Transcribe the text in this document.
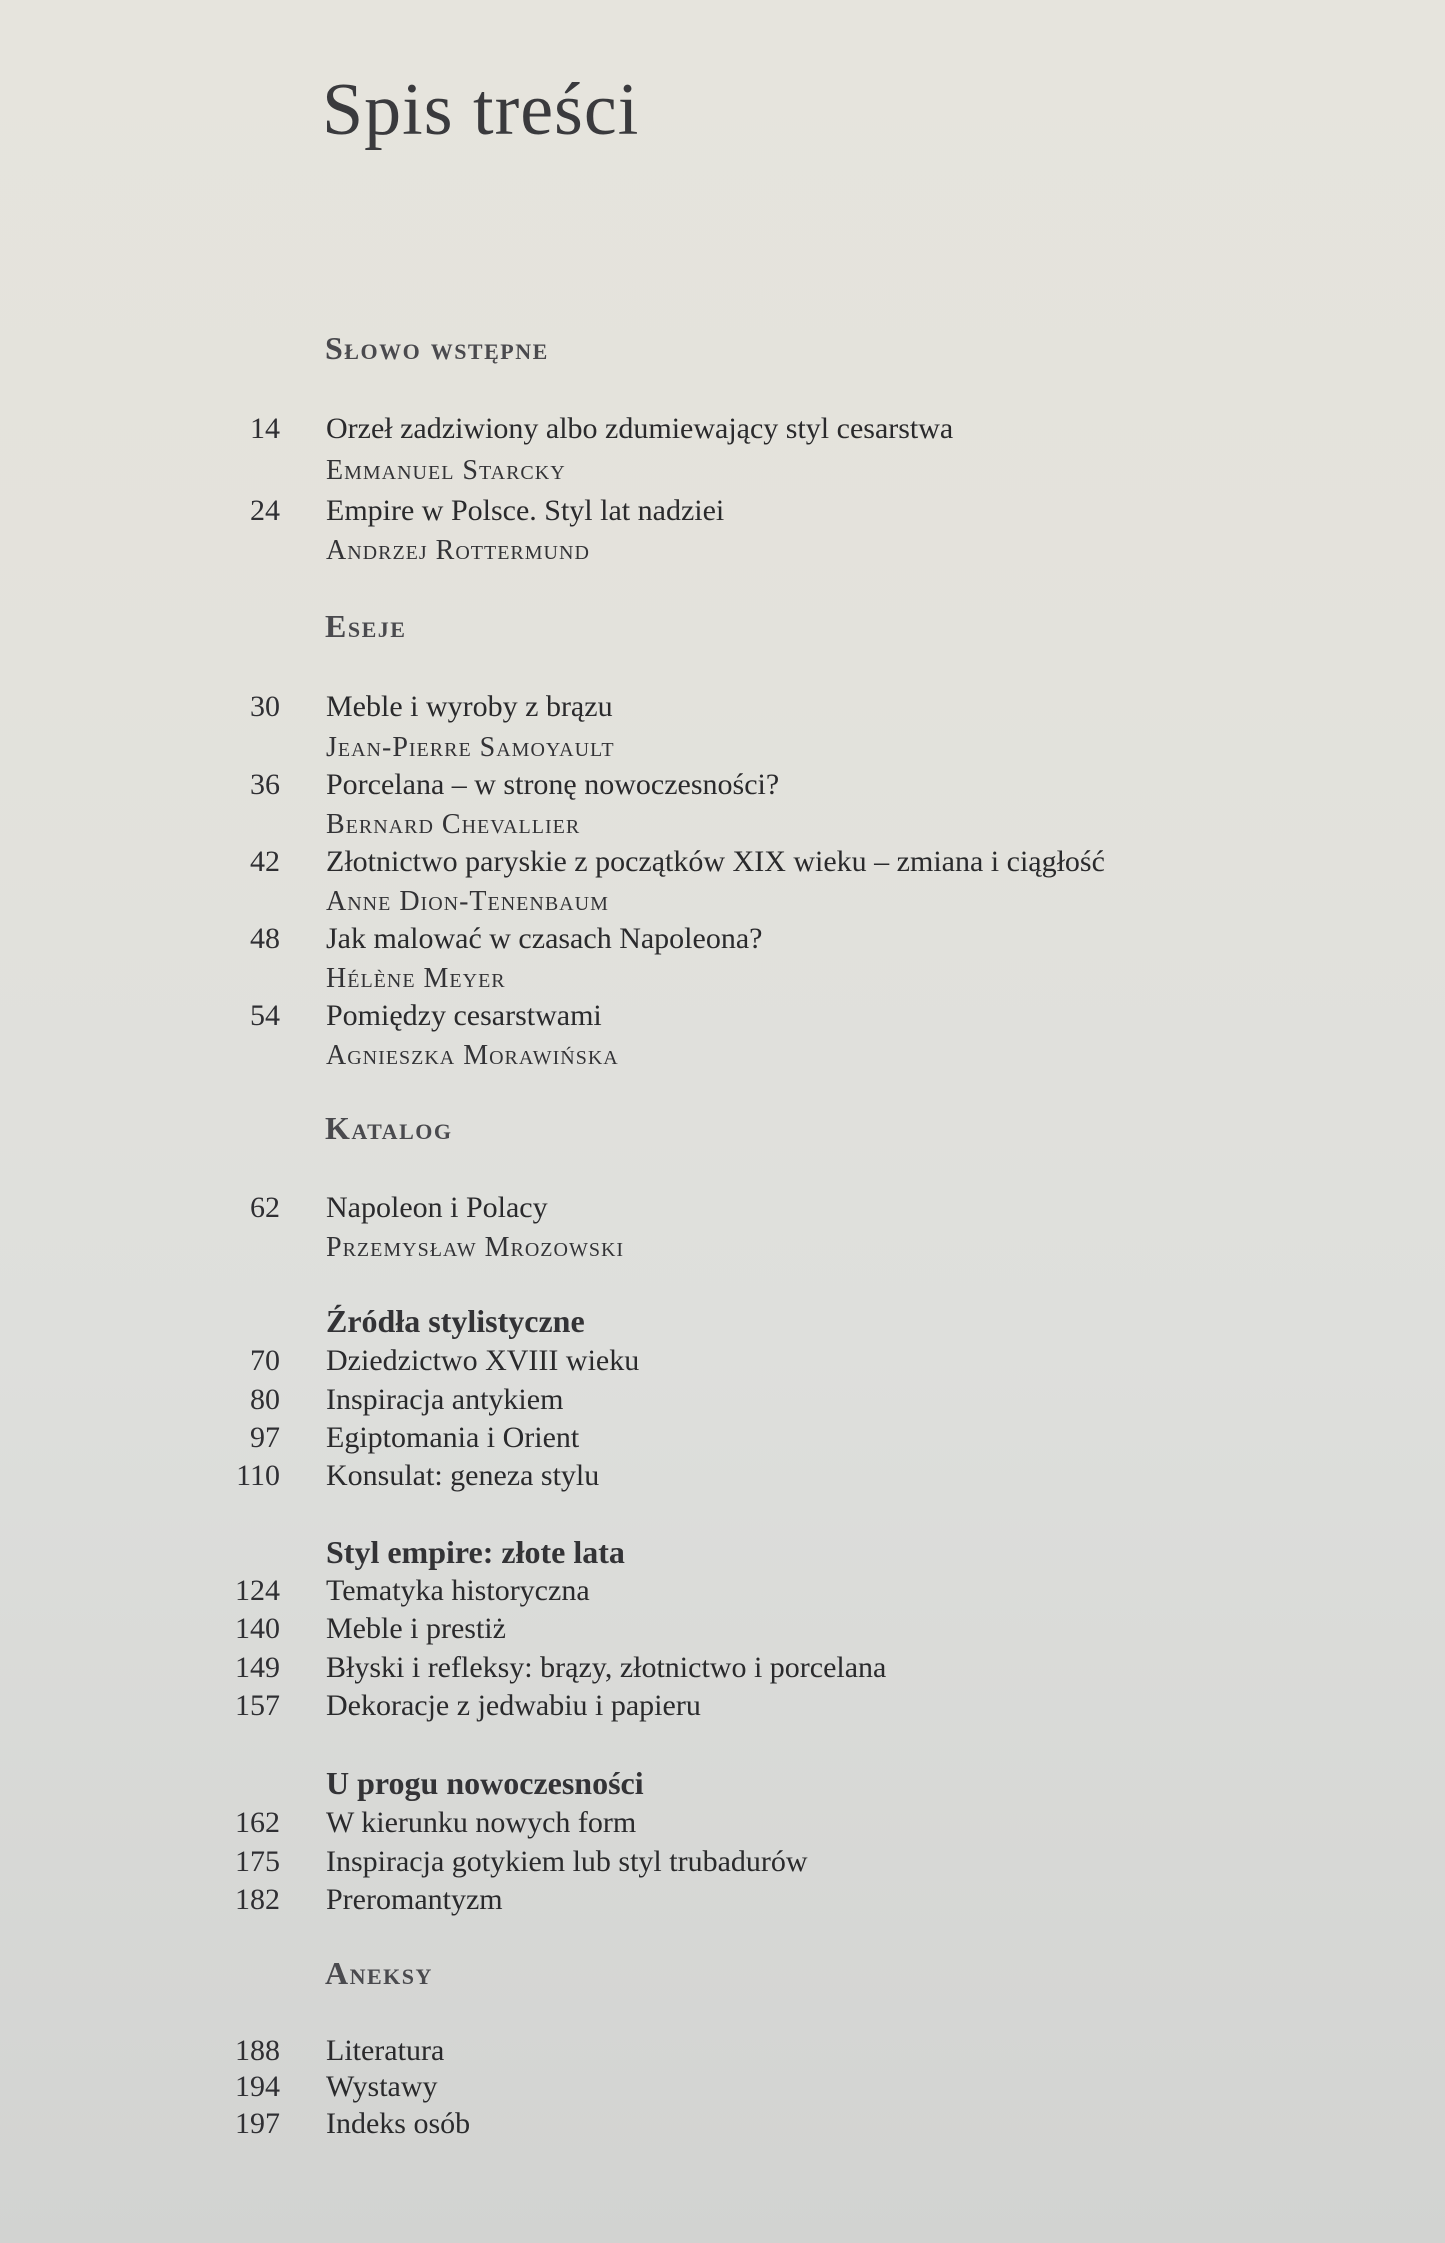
Spis treści
Słowo wstępne
14 Orzeł zadziwiony albo zdumiewający styl cesarstwa
Emmanuel Starcky
24 Empire w Polsce. Styl lat nadziei
Andrzej Rottermund
Eseje
30 Meble i wyroby z brązu
Jean-Pierre Samoyault
36 Porcelana – w stronę nowoczesności?
Bernard Chevallier
42 Złotnictwo paryskie z początków XIX wieku – zmiana i ciągłość
Anne Dion-Tenenbaum
48 Jak malować w czasach Napoleona?
Hélène Meyer
54 Pomiędzy cesarstwami
Agnieszka Morawińska
Katalog
62 Napoleon i Polacy
Przemysław Mrozowski
Źródła stylistyczne
70 Dziedzictwo XVIII wieku
80 Inspiracja antykiem
97 Egiptomania i Orient
110 Konsulat: geneza stylu
Styl empire: złote lata
124 Tematyka historyczna
140 Meble i prestiż
149 Błyski i refleksy: brązy, złotnictwo i porcelana
157 Dekoracje z jedwabiu i papieru
U progu nowoczesności
162 W kierunku nowych form
175 Inspiracja gotykiem lub styl trubadurów
182 Preromantyzm
Aneksy
188 Literatura
194 Wystawy
197 Indeks osób
